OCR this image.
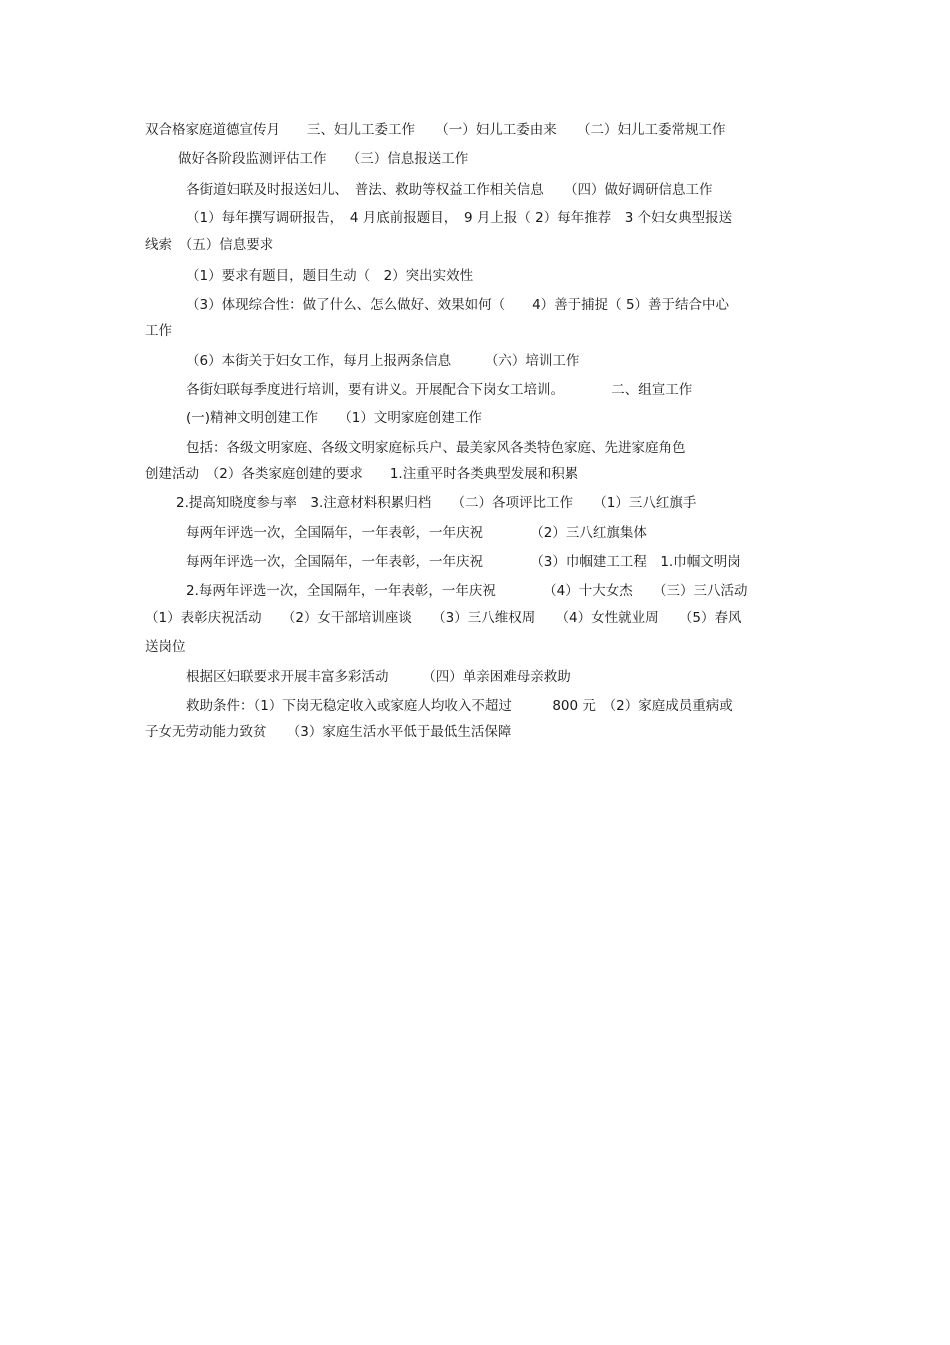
双合格家庭道德宣传月　　三、妇儿工委工作　　（一）妇儿工委由来　　（二）妇儿工委常规工作
做好各阶段监测评估工作　　（三）信息报送工作
各街道妇联及时报送妇儿、　普法、救助等权益工作相关信息　　（四）做好调研信息工作
（1）每年撰写调研报告，　4 月底前报题目，　9 月上报（ 2）每年推荐　3 个妇女典型报送
线索　（五）信息要求
（1）要求有题目，题目生动（　2）突出实效性
（3）体现综合性：做了什么、怎么做好、效果如何（　　4）善于捕捉（ 5）善于结合中心
工作
（6）本街关于妇女工作，每月上报两条信息　　　（六）培训工作
各街妇联每季度进行培训，要有讲义。开展配合下岗女工培训。　　　　二、组宣工作
(一)精神文明创建工作　　（1）文明家庭创建工作
包括：各级文明家庭、各级文明家庭标兵户、最美家风各类特色家庭、先进家庭角色
创建活动　（2）各类家庭创建的要求　　1.注重平时各类典型发展和积累
2.提高知晓度参与率　3.注意材料积累归档　　（二）各项评比工作　　（1）三八红旗手
每两年评选一次，全国隔年，一年表彰，一年庆祝　　　　（2）三八红旗集体
每两年评选一次，全国隔年，一年表彰，一年庆祝　　　　（3）巾帼建工工程　1.巾帼文明岗
2.每两年评选一次，全国隔年，一年表彰，一年庆祝　　　　（4）十大女杰　　（三）三八活动
（1）表彰庆祝活动　　（2）女干部培训座谈　　（3）三八维权周　　（4）女性就业周　　（5）春风
送岗位
根据区妇联要求开展丰富多彩活动　　　（四）单亲困难母亲救助
救助条件：（1）下岗无稳定收入或家庭人均收入不超过　　　800 元　（2）家庭成员重病或
子女无劳动能力致贫　　（3）家庭生活水平低于最低生活保障
